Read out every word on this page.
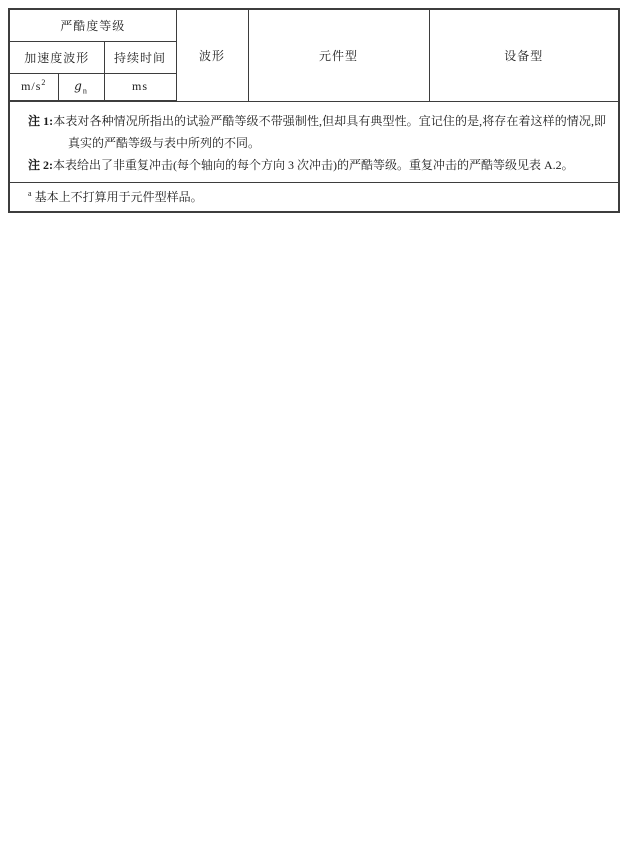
严酷度等级			波形	元件型	设备型
加速度波形		持续时间			
$m/s^2$	$g_n$	ms			

注 1:本表对各种情况所指出的试验严酷等级不带强制性,但却具有典型性。宜记住的是,将存在着这样的情况,即真实的严酷等级与表中所列的不同。
注 2:本表给出了非重复冲击(每个轴向的每个方向 3 次冲击)的严酷等级。重复冲击的严酷等级见表 A.2。					

$^a$ 基本上不打算用于元件型样品。					
